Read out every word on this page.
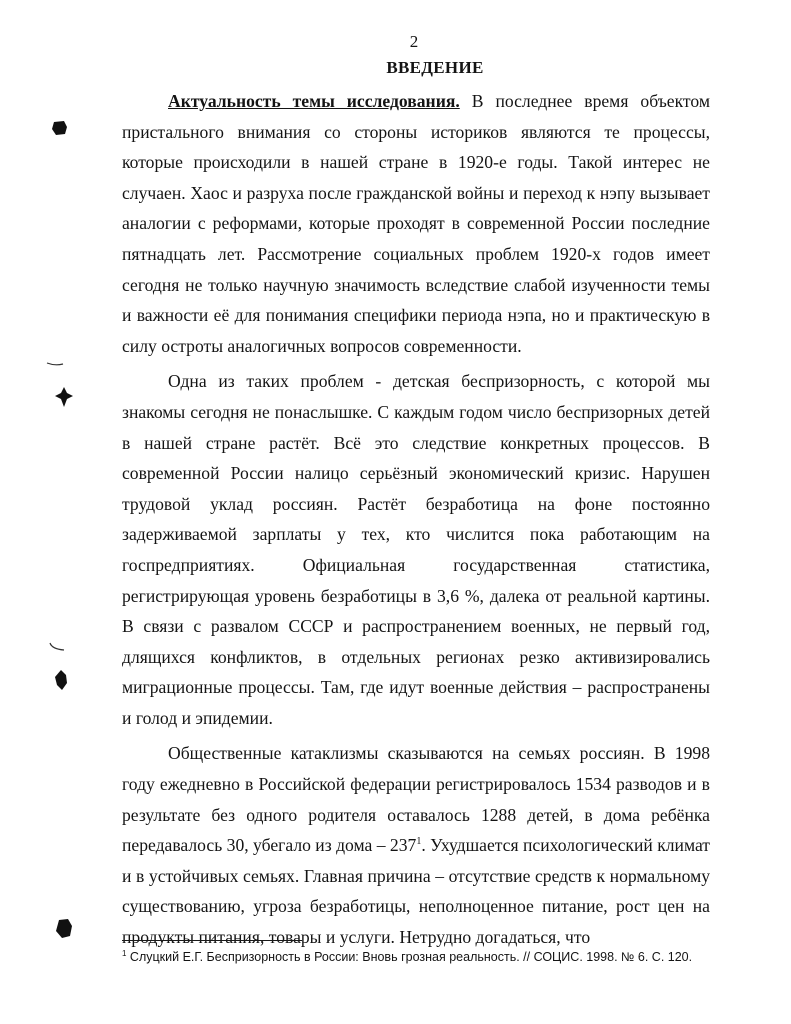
2
ВВЕДЕНИЕ

Актуальность темы исследования. В последнее время объектом пристального внимания со стороны историков являются те процессы, которые происходили в нашей стране в 1920-е годы. Такой интерес не случаен. Хаос и разруха после гражданской войны и переход к нэпу вызывает аналогии с реформами, которые проходят в современной России последние пятнадцать лет. Рассмотрение социальных проблем 1920-х годов имеет сегодня не только научную значимость вследствие слабой изученности темы и важности её для понимания специфики периода нэпа, но и практическую в силу остроты аналогичных вопросов современности.

Одна из таких проблем - детская беспризорность, с которой мы знакомы сегодня не понаслышке. С каждым годом число беспризорных детей в нашей стране растёт. Всё это следствие конкретных процессов. В современной России налицо серьёзный экономический кризис. Нарушен трудовой уклад россиян. Растёт безработица на фоне постоянно задерживаемой зарплаты у тех, кто числится пока работающим на госпредприятиях. Официальная государственная статистика, регистрирующая уровень безработицы в 3,6 %, далека от реальной картины. В связи с развалом СССР и распространением военных, не первый год, длящихся конфликтов, в отдельных регионах резко активизировались миграционные процессы. Там, где идут военные действия – распространены и голод и эпидемии.

Общественные катаклизмы сказываются на семьях россиян. В 1998 году ежедневно в Российской федерации регистрировалось 1534 разводов и в результате без одного родителя оставалось 1288 детей, в дома ребёнка передавалось 30, убегало из дома – $237^1$. Ухудшается психологический климат и в устойчивых семьях. Главная причина – отсутствие средств к нормальному существованию, угроза безработицы, неполноценное питание, рост цен на продукты питания, товары и услуги. Нетрудно догадаться, что

$^1$ Слуцкий Е.Г. Беспризорность в России: Вновь грозная реальность. // СОЦИС. 1998. № 6. С. 120.
